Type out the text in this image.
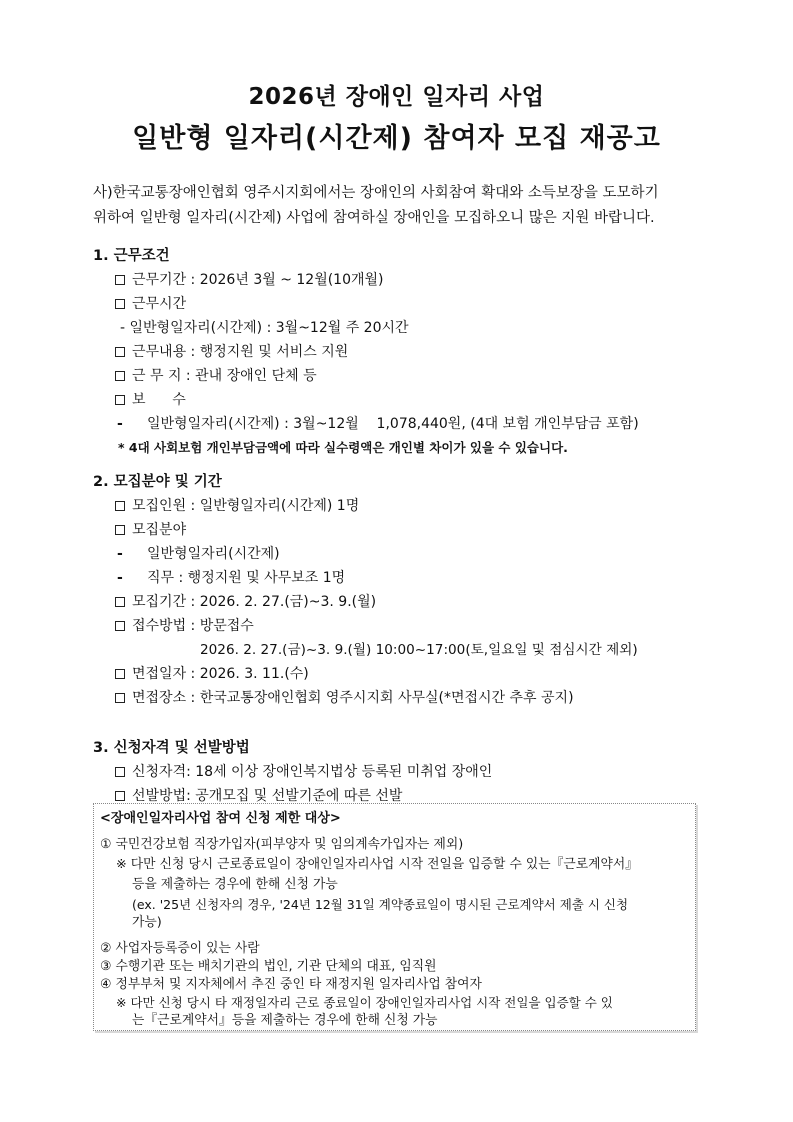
2026년 장애인 일자리 사업
일반형 일자리(시간제) 참여자 모집 재공고
사)한국교통장애인협회 영주시지회에서는 장애인의 사회참여 확대와 소득보장을 도모하기
위하여 일반형 일자리(시간제) 사업에 참여하실 장애인을 모집하오니 많은 지원 바랍니다.
1. 근무조건
근무기간 : 2026년 3월 ~ 12월(10개월)
근무시간
- 일반형일자리(시간제) : 3월~12월 주 20시간
근무내용 : 행정지원 및 서비스 지원
근 무 지 : 관내 장애인 단체 등
보      수
- 일반형일자리(시간제) : 3월~12월    1,078,440원, (4대 보험 개인부담금 포함)
* 4대 사회보험 개인부담금액에 따라 실수령액은 개인별 차이가 있을 수 있습니다.
2. 모집분야 및 기간
모집인원 : 일반형일자리(시간제) 1명
모집분야
- 일반형일자리(시간제)
- 직무 : 행정지원 및 사무보조 1명
모집기간 : 2026. 2. 27.(금)~3. 9.(월)
접수방법 : 방문접수
2026. 2. 27.(금)~3. 9.(월) 10:00~17:00(토,일요일 및 점심시간 제외)
면접일자 : 2026. 3. 11.(수)
면접장소 : 한국교통장애인협회 영주시지회 사무실(*면접시간 추후 공지)
3. 신청자격 및 선발방법
신청자격: 18세 이상 장애인복지법상 등록된 미취업 장애인
선발방법: 공개모집 및 선발기준에 따른 선발
<장애인일자리사업 참여 신청 제한 대상>
① 국민건강보험 직장가입자(피부양자 및 임의계속가입자는 제외)
※ 다만 신청 당시 근로종료일이 장애인일자리사업 시작 전일을 입증할 수 있는『근로계약서』
등을 제출하는 경우에 한해 신청 가능
(ex. '25년 신청자의 경우, '24년 12월 31일 계약종료일이 명시된 근로계약서 제출 시 신청
가능)
② 사업자등록증이 있는 사람
③ 수행기관 또는 배치기관의 법인, 기관 단체의 대표, 임직원
④ 정부부처 및 지자체에서 추진 중인 타 재정지원 일자리사업 참여자
※ 다만 신청 당시 타 재정일자리 근로 종료일이 장애인일자리사업 시작 전일을 입증할 수 있
는『근로계약서』등을 제출하는 경우에 한해 신청 가능
